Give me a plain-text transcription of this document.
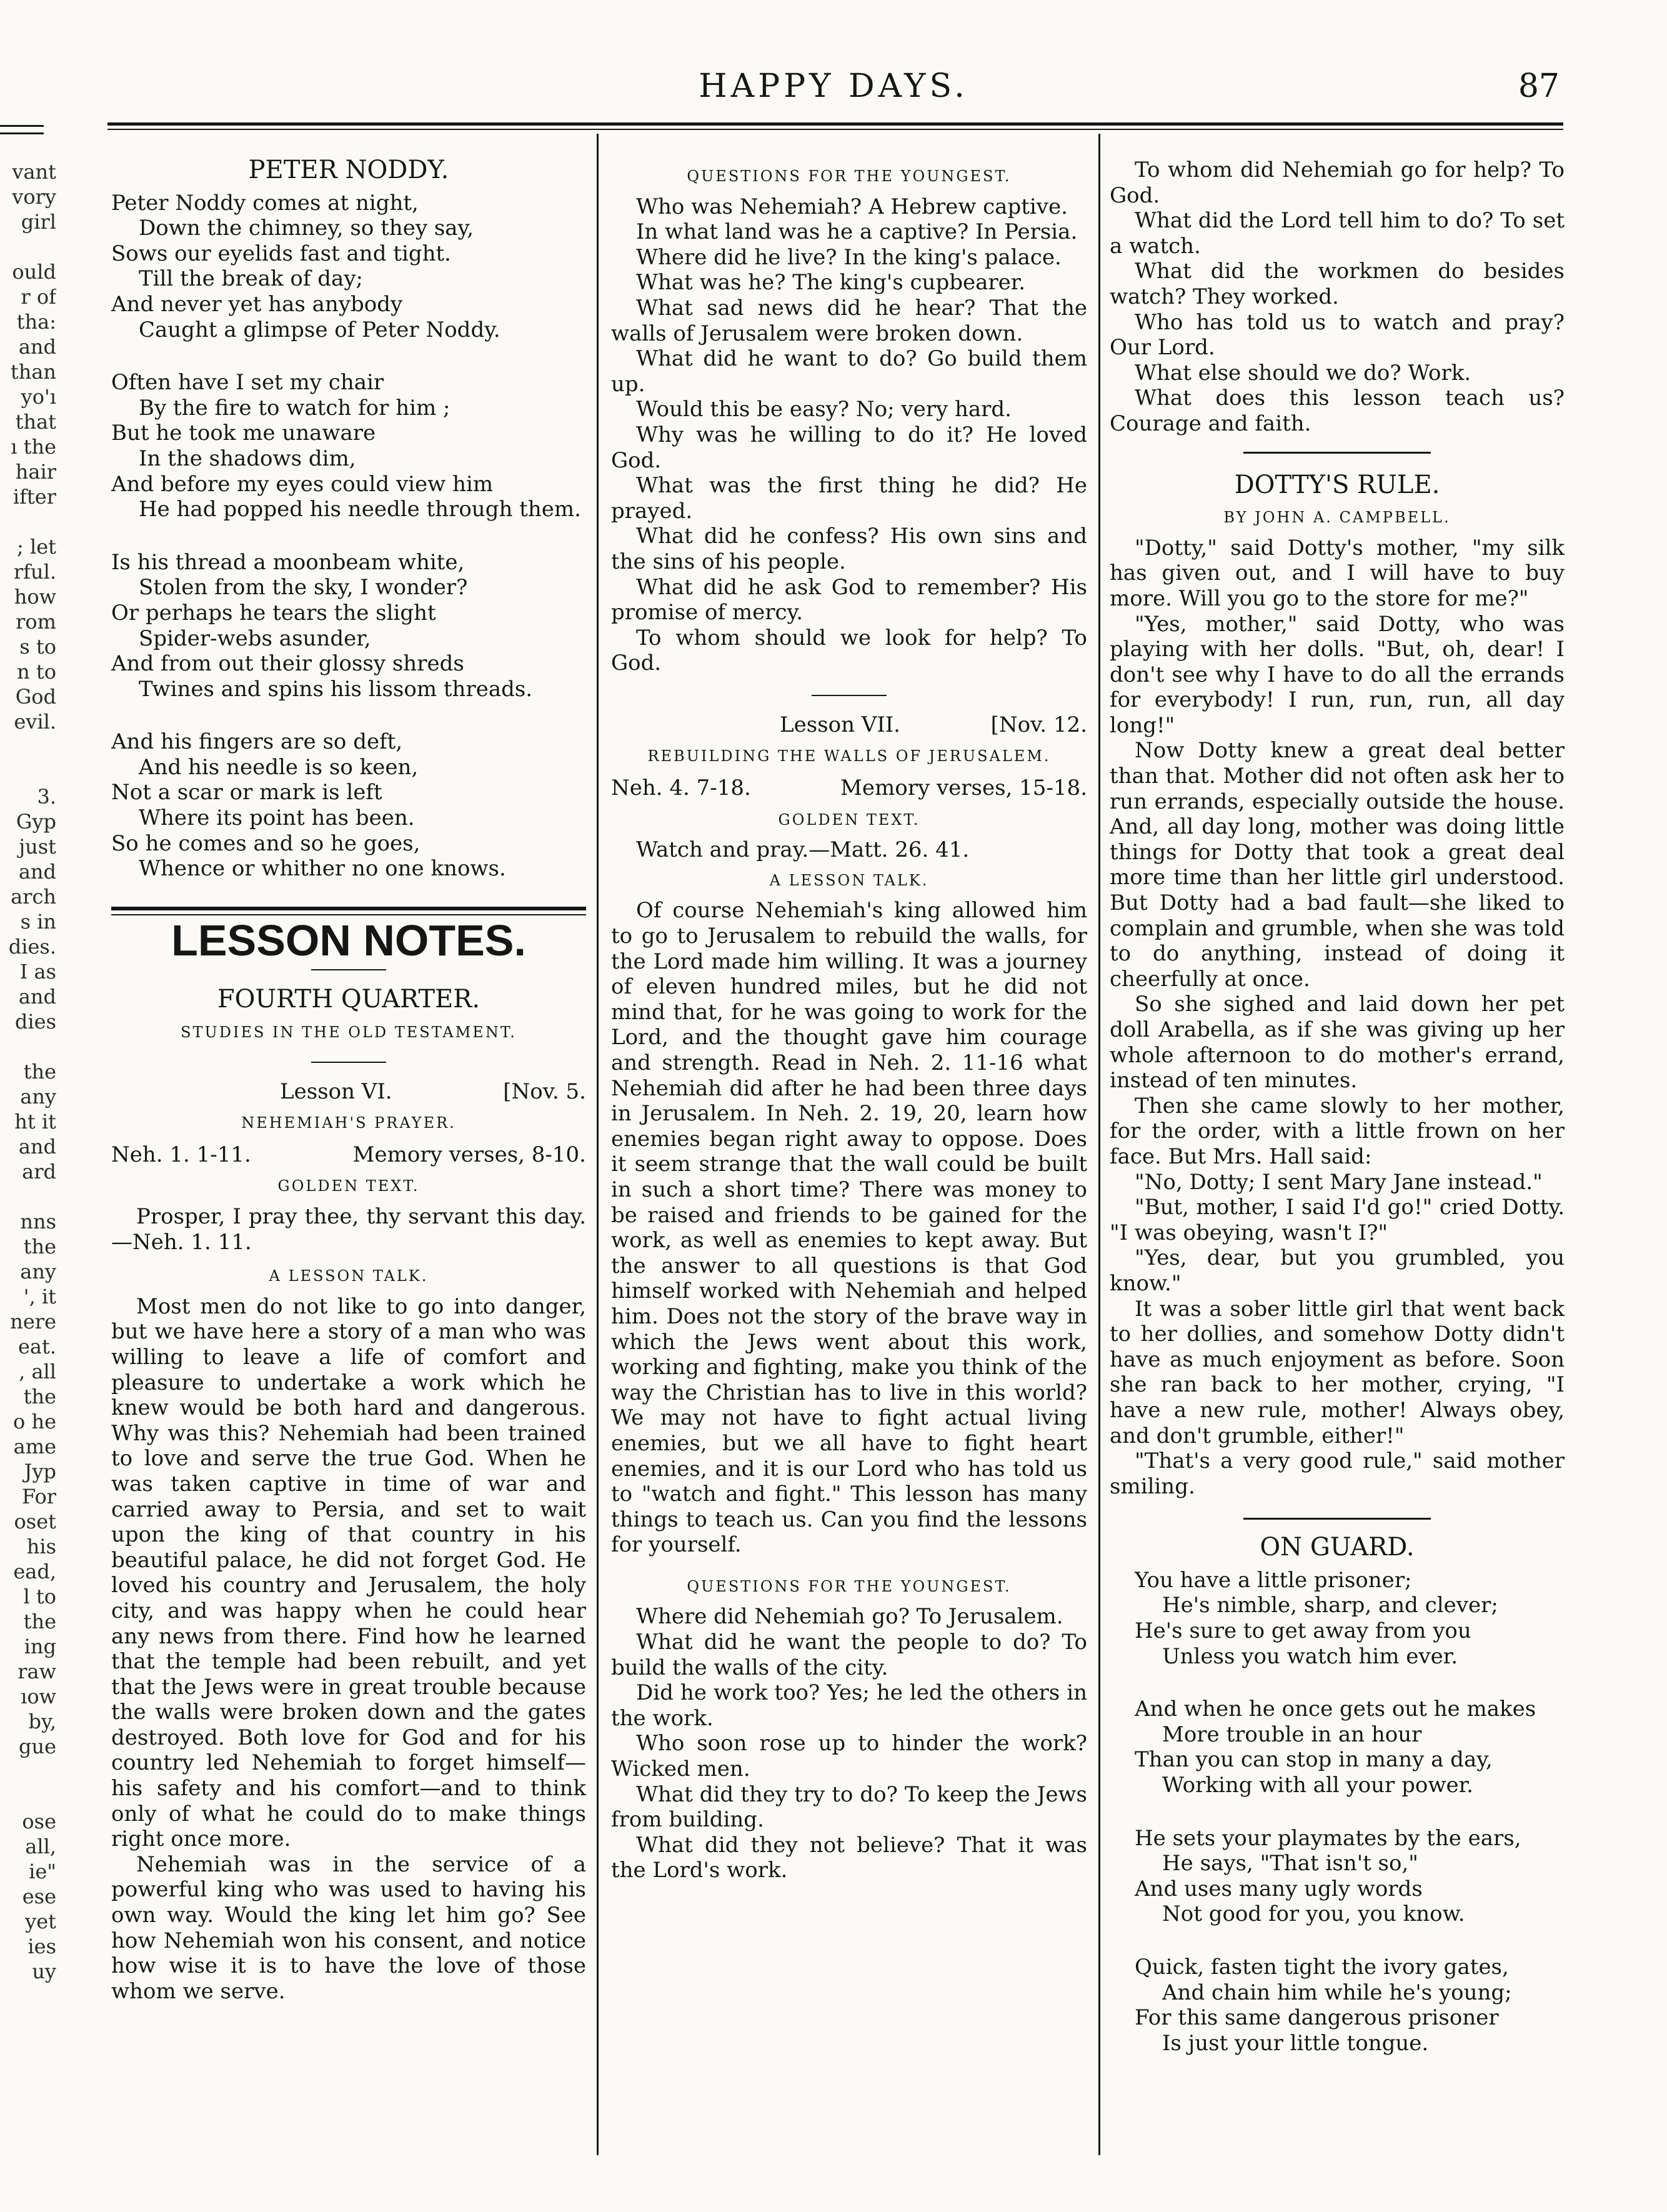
HAPPY DAYS.	87
vant
vory
girl
ould
r of
tha:
and
than
yo'ı
that
ı the
hair
ifter
; let
rful.
how
rom
s to
n to
God
evil.
3.
Gyp
just
and
arch
s in
dies.
I as
and
dies
the
any
ht it
and
ard
nns
the
any
', it
nere
eat.
, all
the
o he
ame
Jyp
For
oset
his
ead,
l to
the
ing
raw
ıow
by,
gue
ose
all,
ie"
ese
yet
ies
uy
PETER NODDY.
Peter Noddy comes at night,
Down the chimney, so they say,
Sows our eyelids fast and tight.
Till the break of day;
And never yet has anybody
Caught a glimpse of Peter Noddy.
Often have I set my chair
By the fire to watch for him ;
But he took me unaware
In the shadows dim,
And before my eyes could view him
He had popped his needle through them.
Is his thread a moonbeam white,
Stolen from the sky, I wonder?
Or perhaps he tears the slight
Spider-webs asunder,
And from out their glossy shreds
Twines and spins his lissom threads.
And his fingers are so deft,
And his needle is so keen,
Not a scar or mark is left
Where its point has been.
So he comes and so he goes,
Whence or whither no one knows.
LESSON NOTES.
FOURTH QUARTER.
STUDIES IN THE OLD TESTAMENT.
Lesson VI.	[Nov. 5.
NEHEMIAH'S PRAYER.
Neh. 1. 1-11.	Memory verses, 8-10.
GOLDEN TEXT.

Prosper, I pray thee, thy servant this day.—Neh. 1. 11.

A LESSON TALK.

Most men do not like to go into danger, but we have here a story of a man who was willing to leave a life of comfort and pleasure to undertake a work which he knew would be both hard and dangerous. Why was this? Nehemiah had been trained to love and serve the true God. When he was taken captive in time of war and carried away to Persia, and set to wait upon the king of that country in his beautiful palace, he did not forget God. He loved his country and Jerusalem, the holy city, and was happy when he could hear any news from there. Find how he learned that the temple had been rebuilt, and yet that the Jews were in great trouble because the walls were broken down and the gates destroyed. Both love for God and for his country led Nehemiah to forget himself—his safety and his comfort—and to think only of what he could do to make things right once more.

Nehemiah was in the service of a powerful king who was used to having his own way. Would the king let him go? See how Nehemiah won his consent, and notice how wise it is to have the love of those whom we serve.

QUESTIONS FOR THE YOUNGEST.

Who was Nehemiah? A Hebrew captive.

In what land was he a captive? In Persia.

Where did he live? In the king's palace.

What was he? The king's cupbearer.

What sad news did he hear? That the walls of Jerusalem were broken down.

What did he want to do? Go build them up.

Would this be easy? No; very hard.

Why was he willing to do it? He loved God.

What was the first thing he did? He prayed.

What did he confess? His own sins and the sins of his people.

What did he ask God to remember? His promise of mercy.

To whom should we look for help? To God.

Lesson VII.	[Nov. 12.
REBUILDING THE WALLS OF JERUSALEM.
Neh. 4. 7-18.	Memory verses, 15-18.
GOLDEN TEXT.

Watch and pray.—Matt. 26. 41.

A LESSON TALK.

Of course Nehemiah's king allowed him to go to Jerusalem to rebuild the walls, for the Lord made him willing. It was a journey of eleven hundred miles, but he did not mind that, for he was going to work for the Lord, and the thought gave him courage and strength. Read in Neh. 2. 11-16 what Nehemiah did after he had been three days in Jerusalem. In Neh. 2. 19, 20, learn how enemies began right away to oppose. Does it seem strange that the wall could be built in such a short time? There was money to be raised and friends to be gained for the work, as well as enemies to kept away. But the answer to all questions is that God himself worked with Nehemiah and helped him. Does not the story of the brave way in which the Jews went about this work, working and fighting, make you think of the way the Christian has to live in this world? We may not have to fight actual living enemies, but we all have to fight heart enemies, and it is our Lord who has told us to "watch and fight." This lesson has many things to teach us. Can you find the lessons for yourself.

QUESTIONS FOR THE YOUNGEST.

Where did Nehemiah go? To Jerusalem.

What did he want the people to do? To build the walls of the city.

Did he work too? Yes; he led the others in the work.

Who soon rose up to hinder the work? Wicked men.

What did they try to do? To keep the Jews from building.

What did they not believe? That it was the Lord's work.

To whom did Nehemiah go for help? To God.

What did the Lord tell him to do? To set a watch.

What did the workmen do besides watch? They worked.

Who has told us to watch and pray? Our Lord.

What else should we do? Work.

What does this lesson teach us? Courage and faith.

DOTTY'S RULE.
BY JOHN A. CAMPBELL.

"Dotty," said Dotty's mother, "my silk has given out, and I will have to buy more. Will you go to the store for me?"

"Yes, mother," said Dotty, who was playing with her dolls. "But, oh, dear! I don't see why I have to do all the errands for everybody! I run, run, run, all day long!"

Now Dotty knew a great deal better than that. Mother did not often ask her to run errands, especially outside the house. And, all day long, mother was doing little things for Dotty that took a great deal more time than her little girl understood. But Dotty had a bad fault—she liked to complain and grumble, when she was told to do anything, instead of doing it cheerfully at once.

So she sighed and laid down her pet doll Arabella, as if she was giving up her whole afternoon to do mother's errand, instead of ten minutes.

Then she came slowly to her mother, for the order, with a little frown on her face. But Mrs. Hall said:

"No, Dotty; I sent Mary Jane instead."

"But, mother, I said I'd go!" cried Dotty. "I was obeying, wasn't I?"

"Yes, dear, but you grumbled, you know."

It was a sober little girl that went back to her dollies, and somehow Dotty didn't have as much enjoyment as before. Soon she ran back to her mother, crying, "I have a new rule, mother! Always obey, and don't grumble, either!"

"That's a very good rule," said mother smiling.

ON GUARD.
You have a little prisoner;
He's nimble, sharp, and clever;
He's sure to get away from you
Unless you watch him ever.
And when he once gets out he makes
More trouble in an hour
Than you can stop in many a day,
Working with all your power.
He sets your playmates by the ears,
He says, "That isn't so,"
And uses many ugly words
Not good for you, you know.
Quick, fasten tight the ivory gates,
And chain him while he's young;
For this same dangerous prisoner
Is just your little tongue.
